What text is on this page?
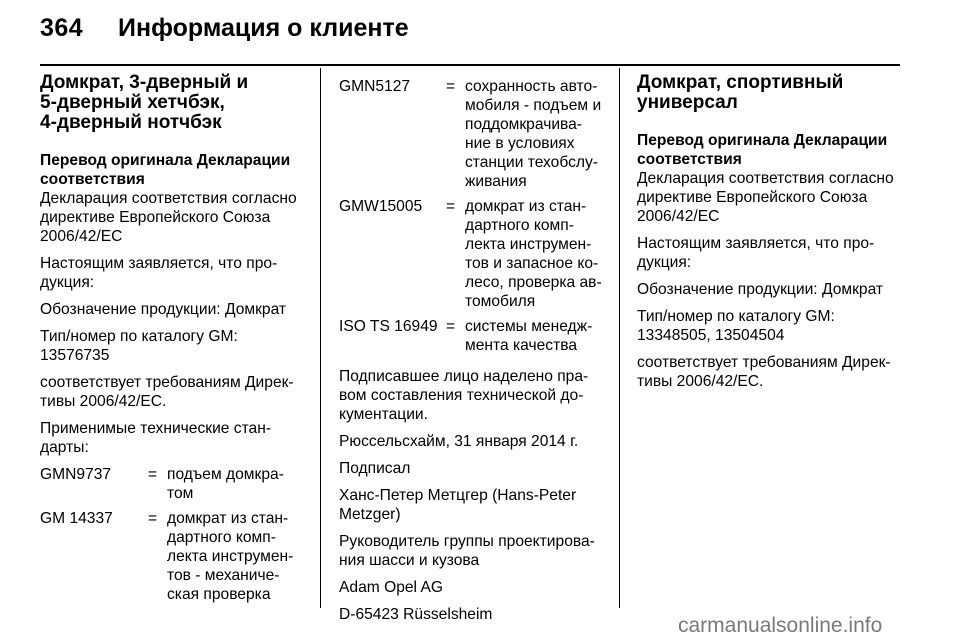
364 Информация о клиенте
Домкрат, 3-дверный и
5-дверный хетчбэк,
4-дверный нотчбэк
Перевод оригинала Декларации
соответствия

Декларация соответствия согласно
директиве Европейского Союза
2006/42/ЕС

Настоящим заявляется, что про-
дукция:

Обозначение продукции: Домкрат

Тип/номер по каталогу GM:
13576735

соответствует требованиям Дирек-
тивы 2006/42/ЕС.

Применимые технические стан-
дарты:

GMN9737	= подъем домкра-
том
GM 14337	= домкрат из стан-
дартного комп-
лекта инструмен-
тов - механиче-
ская проверка
GMN5127	= сохранность авто-
мобиля - подъем и
поддомкрачива-
ние в условиях
станции техобслу-
живания
GMW15005	= домкрат из стан-
дартного комп-
лекта инструмен-
тов и запасное ко-
лесо, проверка ав-
томобиля
ISO TS 16949 = системы менедж-
мента качества

Подписавшее лицо наделено пра-
вом составления технической до-
кументации.

Рюссельсхайм, 31 января 2014 г.

Подписал

Ханс-Петер Метцгер (Hans-Peter
Metzger)

Руководитель группы проектирова-
ния шасси и кузова

Adam Opel AG

D-65423 Rüsselsheim

Домкрат, спортивный
универсал
Перевод оригинала Декларации
соответствия

Декларация соответствия согласно
директиве Европейского Союза
2006/42/ЕС

Настоящим заявляется, что про-
дукция:

Обозначение продукции: Домкрат

Тип/номер по каталогу GM:
13348505, 13504504

соответствует требованиям Дирек-
тивы 2006/42/ЕС.

carmanualsonline.info
